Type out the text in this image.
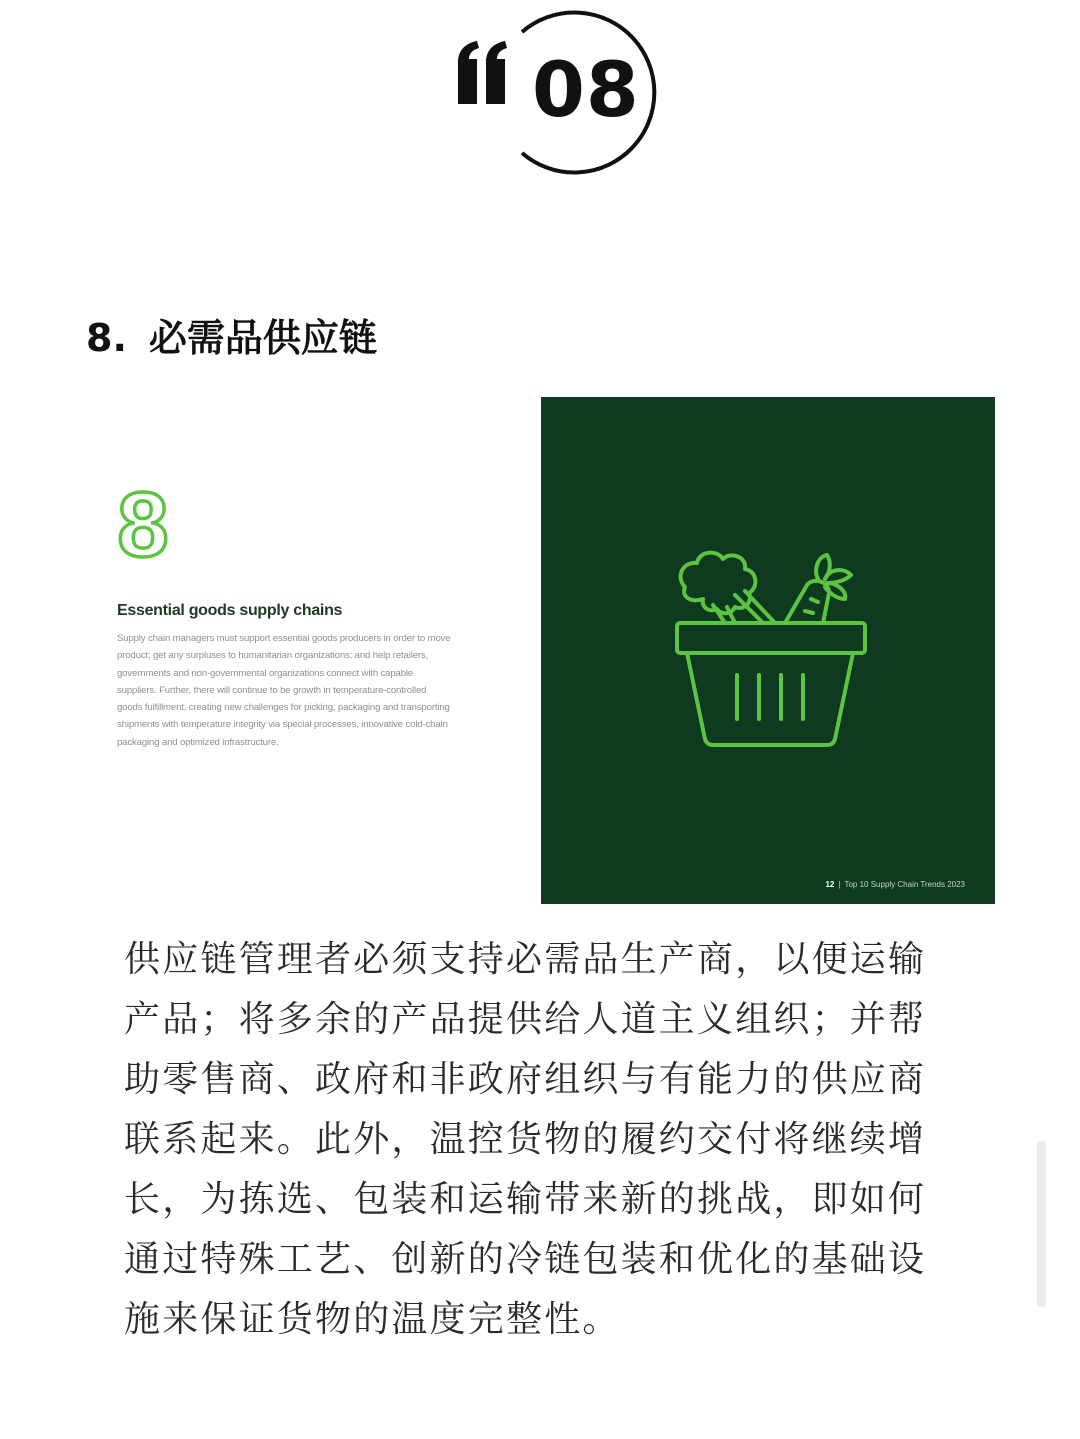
08
8. 必需品供应链
8
Essential goods supply chains
Supply chain managers must support essential goods producers in order to move
product; get any surpluses to humanitarian organizations; and help retailers,
governments and non-governmental organizations connect with capable
suppliers. Further, there will continue to be growth in temperature-controlled
goods fulfillment, creating new challenges for picking, packaging and transporting
shipments with temperature integrity via special processes, innovative cold-chain
packaging and optimized infrastructure.
12 | Top 10 Supply Chain Trends 2023
供应链管理者必须支持必需品生产商，以便运输
产品；将多余的产品提供给人道主义组织；并帮
助零售商、政府和非政府组织与有能力的供应商
联系起来。此外，温控货物的履约交付将继续增
长，为拣选、包装和运输带来新的挑战，即如何
通过特殊工艺、创新的冷链包装和优化的基础设
施来保证货物的温度完整性。
